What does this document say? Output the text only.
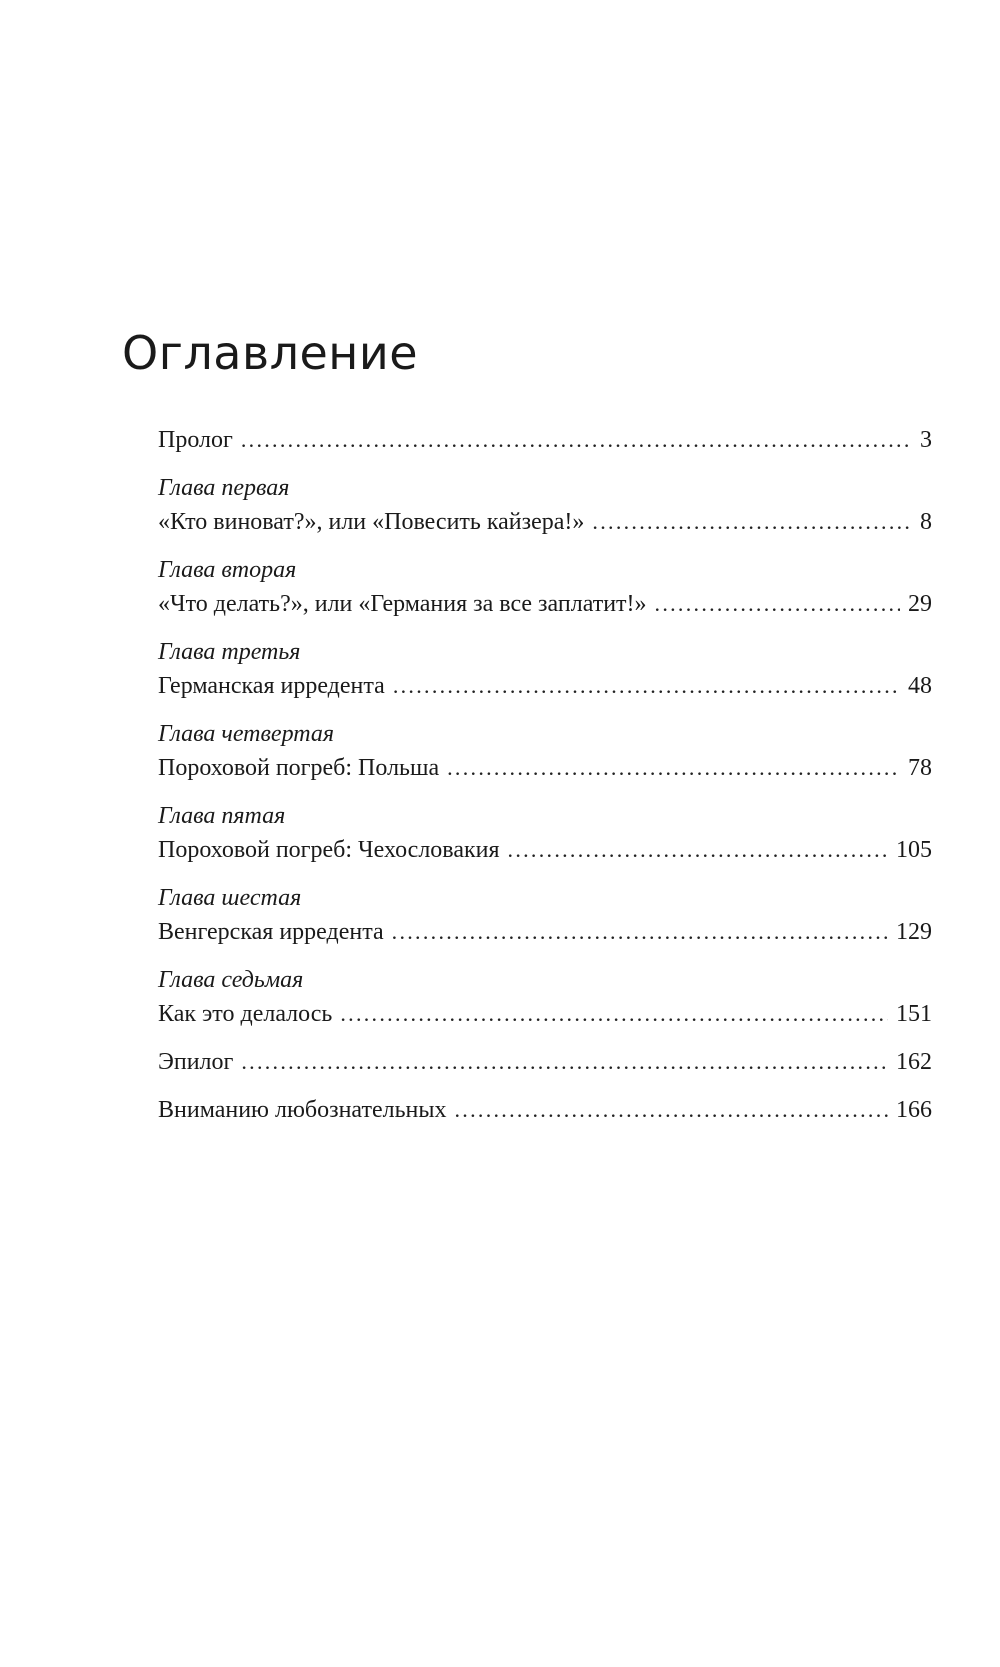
Оглавление
Пролог . . .	3
Глава первая
«Кто виноват?», или «Повесить кайзера!» . . .	8
Глава вторая
«Что делать?», или «Германия за все заплатит!» . . .	29
Глава третья
Германская ирредента . . .	48
Глава четвертая
Пороховой погреб: Польша . . .	78
Глава пятая
Пороховой погреб: Чехословакия . . .	105
Глава шестая
Венгерская ирредента . . .	129
Глава седьмая
Как это делалось . . .	151
Эпилог . . .	162
Вниманию любознательных . . .	166
